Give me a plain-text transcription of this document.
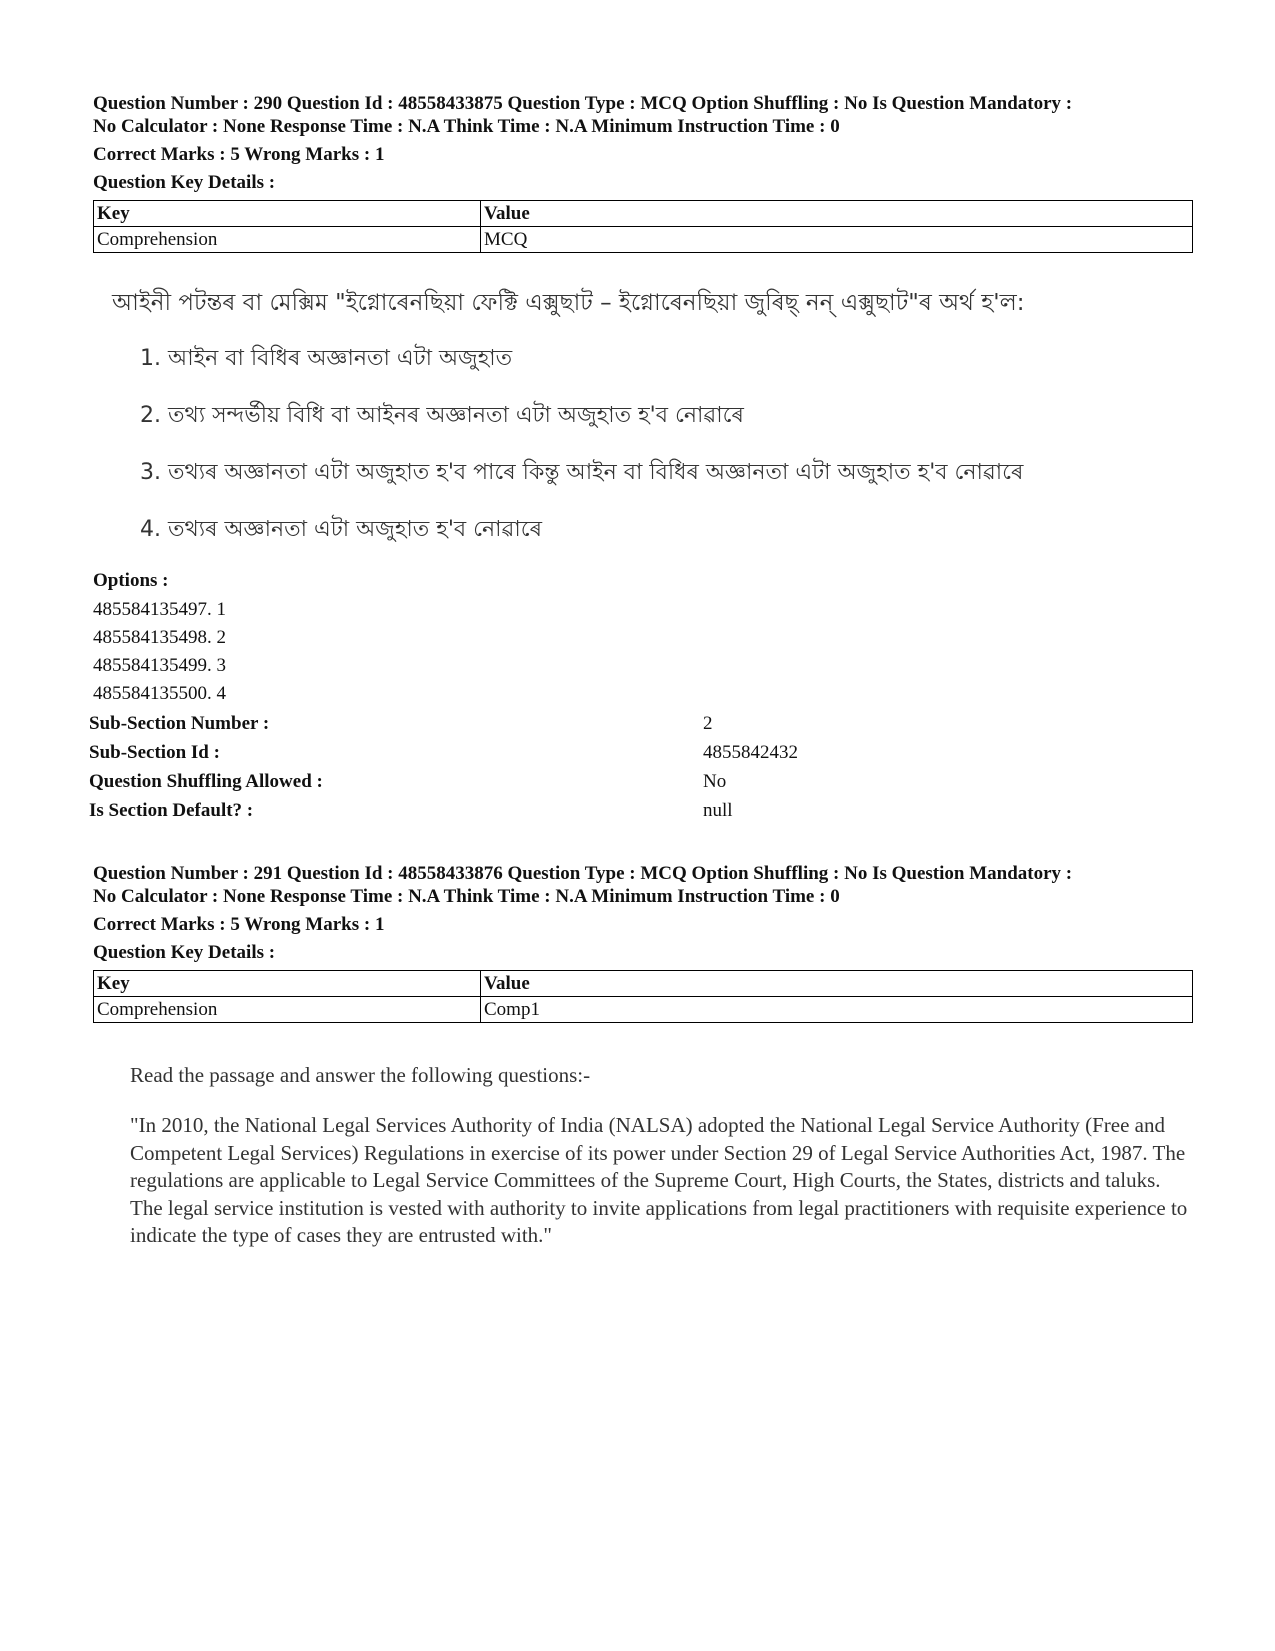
Question Number : 290 Question Id : 48558433875 Question Type : MCQ Option Shuffling : No Is Question Mandatory :
No Calculator : None Response Time : N.A Think Time : N.A Minimum Instruction Time : 0
Correct Marks : 5 Wrong Marks : 1
Question Key Details :
Key	Value
Comprehension	MCQ
আইনী পটন্তৰ বা মেক্সিম "ইগ্নোৰেনছিয়া ফেক্টি এক্সুছাট – ইগ্নোৰেনছিয়া জুৰিছ্ নন্ এক্সুছাট"ৰ অৰ্থ হ'ল:
1. আইন বা বিধিৰ অজ্ঞানতা এটা অজুহাত
2. তথ্য সন্দৰ্ভীয় বিধি বা আইনৰ অজ্ঞানতা এটা অজুহাত হ'ব নোৱাৰে
3. তথ্যৰ অজ্ঞানতা এটা অজুহাত হ'ব পাৰে কিন্তু আইন বা বিধিৰ অজ্ঞানতা এটা অজুহাত হ'ব নোৱাৰে
4. তথ্যৰ অজ্ঞানতা এটা অজুহাত হ'ব নোৱাৰে
Options :
485584135497. 1
485584135498. 2
485584135499. 3
485584135500. 4
Sub-Section Number :	2
Sub-Section Id :	4855842432
Question Shuffling Allowed :	No
Is Section Default? :	null
Question Number : 291 Question Id : 48558433876 Question Type : MCQ Option Shuffling : No Is Question Mandatory :
No Calculator : None Response Time : N.A Think Time : N.A Minimum Instruction Time : 0
Correct Marks : 5 Wrong Marks : 1
Question Key Details :
Key	Value
Comprehension	Comp1
Read the passage and answer the following questions:-
"In 2010, the National Legal Services Authority of India (NALSA) adopted the National Legal Service Authority (Free and Competent Legal Services) Regulations in exercise of its power under Section 29 of Legal Service Authorities Act, 1987. The regulations are applicable to Legal Service Committees of the Supreme Court, High Courts, the States, districts and taluks. The legal service institution is vested with authority to invite applications from legal practitioners with requisite experience to indicate the type of cases they are entrusted with."
